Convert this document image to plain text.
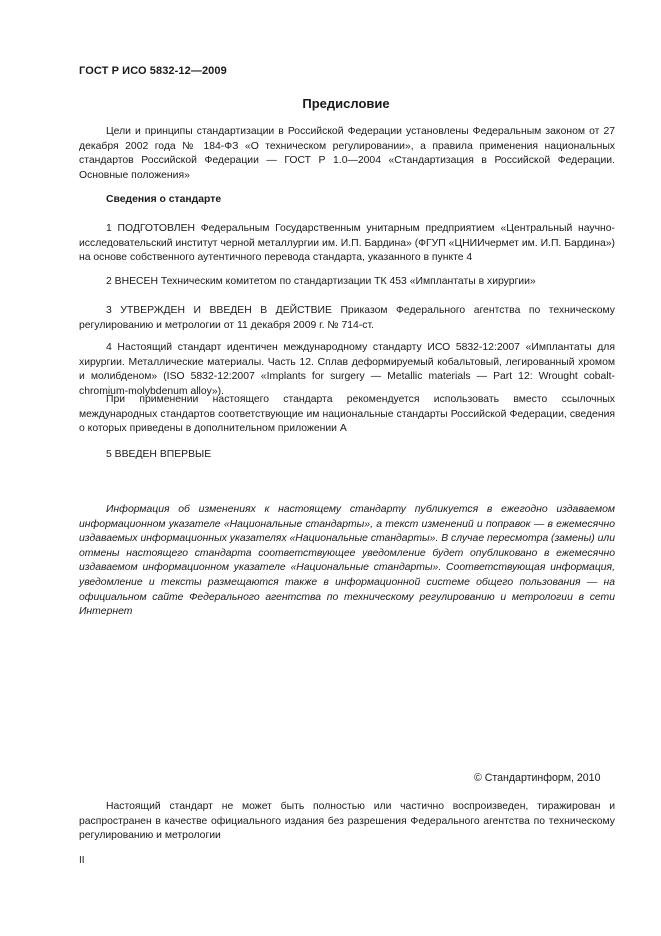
ГОСТ Р ИСО 5832-12—2009
Предисловие

Цели и принципы стандартизации в Российской Федерации установлены Федеральным законом от 27 декабря 2002 года № 184-ФЗ «О техническом регулировании», а правила применения национальных стандартов Российской Федерации — ГОСТ Р 1.0—2004 «Стандартизация в Российской Федерации. Основные положения»

Сведения о стандарте

1 ПОДГОТОВЛЕН Федеральным Государственным унитарным предприятием «Центральный научно-исследовательский институт черной металлургии им. И.П. Бардина» (ФГУП «ЦНИИчермет им. И.П. Бардина») на основе собственного аутентичного перевода стандарта, указанного в пункте 4

2 ВНЕСЕН Техническим комитетом по стандартизации ТК 453 «Имплантаты в хирургии»

3 УТВЕРЖДЕН И ВВЕДЕН В ДЕЙСТВИЕ Приказом Федерального агентства по техническому регулированию и метрологии от 11 декабря 2009 г. № 714-ст.

4 Настоящий стандарт идентичен международному стандарту ИСО 5832-12:2007 «Имплантаты для хирургии. Металлические материалы. Часть 12. Сплав деформируемый кобальтовый, легированный хромом и молибденом» (ISO 5832-12:2007 «Implants for surgery — Metallic materials — Part 12: Wrought cobalt-chromium-molybdenum alloy»).

При применении настоящего стандарта рекомендуется использовать вместо ссылочных международных стандартов соответствующие им национальные стандарты Российской Федерации, сведения о которых приведены в дополнительном приложении А

5 ВВЕДЕН ВПЕРВЫЕ

Информация об изменениях к настоящему стандарту публикуется в ежегодно издаваемом информационном указателе «Национальные стандарты», а текст изменений и поправок — в ежемесячно издаваемых информационных указателях «Национальные стандарты». В случае пересмотра (замены) или отмены настоящего стандарта соответствующее уведомление будет опубликовано в ежемесячно издаваемом информационном указателе «Национальные стандарты». Соответствующая информация, уведомление и тексты размещаются также в информационной системе общего пользования — на официальном сайте Федерального агентства по техническому регулированию и метрологии в сети Интернет

© Стандартинформ, 2010

Настоящий стандарт не может быть полностью или частично воспроизведен, тиражирован и распространен в качестве официального издания без разрешения Федерального агентства по техническому регулированию и метрологии

II
